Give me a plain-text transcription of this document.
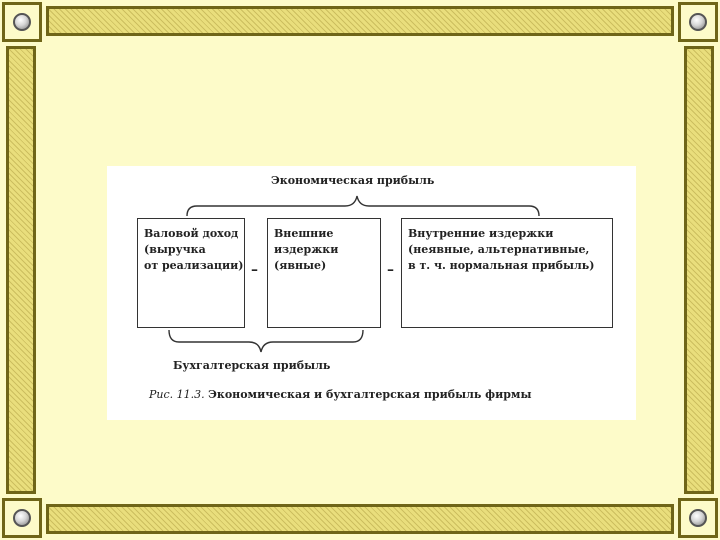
Экономическая прибыль
Валовой доход
(выручка
от реализации) –
Внешние
издержки
(явные)	–
Внутренние издержки
(неявные, альтернативные,
в т. ч. нормальная прибыль)
Бухгалтерская прибыль
Рис. 11.3. Экономическая и бухгалтерская прибыль фирмы
